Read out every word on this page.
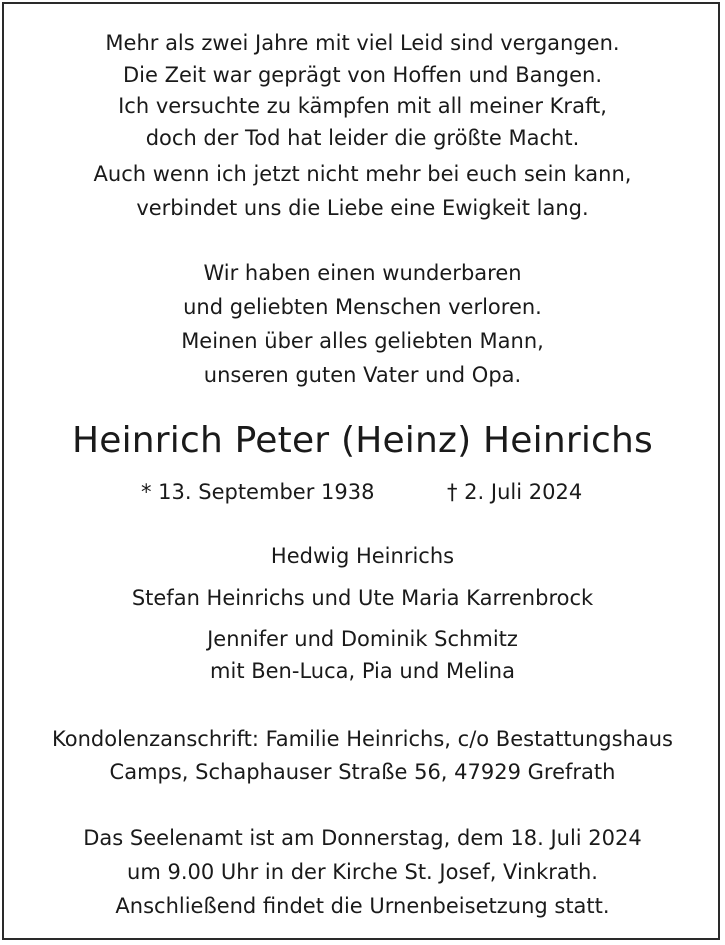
Mehr als zwei Jahre mit viel Leid sind vergangen.
Die Zeit war geprägt von Hoffen und Bangen.
Ich versuchte zu kämpfen mit all meiner Kraft,
doch der Tod hat leider die größte Macht.
Auch wenn ich jetzt nicht mehr bei euch sein kann,
verbindet uns die Liebe eine Ewigkeit lang.
Wir haben einen wunderbaren
und geliebten Menschen verloren.
Meinen über alles geliebten Mann,
unseren guten Vater und Opa.
Heinrich Peter (Heinz) Heinrichs
* 13. September 1938	† 2. Juli 2024
Hedwig Heinrichs
Stefan Heinrichs und Ute Maria Karrenbrock
Jennifer und Dominik Schmitz
mit Ben-Luca, Pia und Melina
Kondolenzanschrift: Familie Heinrichs, c/o Bestattungshaus
Camps, Schaphauser Straße 56, 47929 Grefrath
Das Seelenamt ist am Donnerstag, dem 18. Juli 2024
um 9.00 Uhr in der Kirche St. Josef, Vinkrath.
Anschließend findet die Urnenbeisetzung statt.
